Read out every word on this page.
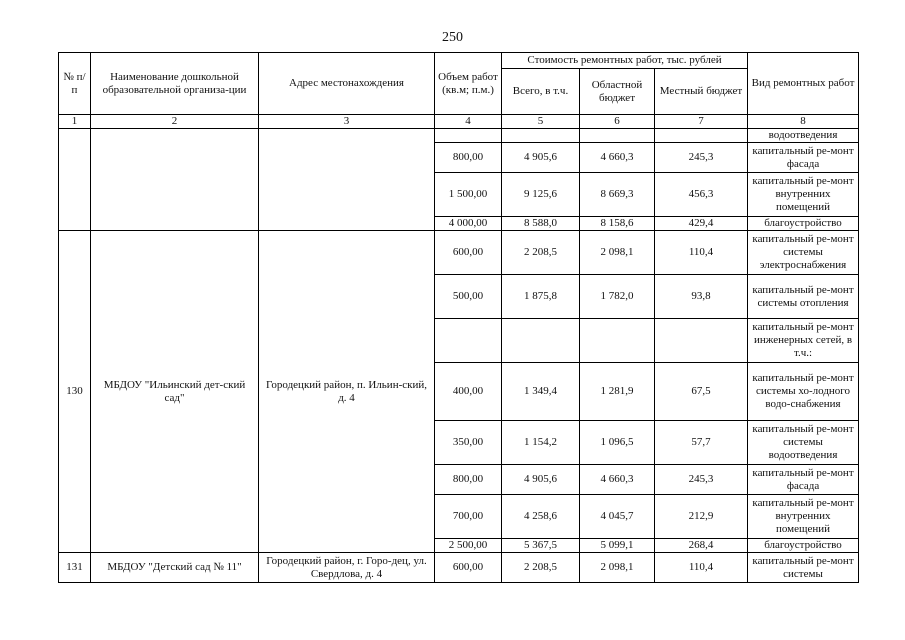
250
№ п/п	Наименование дошкольной образовательной организа-ции	Адрес местонахождения	Объем работ (кв.м; п.м.)	Стоимость ремонтных работ, тыс. рублей			Вид ремонтных работ
				Всего, в т.ч.	Областной бюджет	Местный бюджет	
1	2	3	4	5	6	7	8
							водоотведения
			800,00	4 905,6	4 660,3	245,3	капитальный ре-монт фасада
			1 500,00	9 125,6	8 669,3	456,3	капитальный ре-монт внутренних помещений
			4 000,00	8 588,0	8 158,6	429,4	благоустройство
130	МБДОУ "Ильинский дет-ский сад"	Городецкий район, п. Ильин-ский, д. 4	600,00	2 208,5	2 098,1	110,4	капитальный ре-монт системы электроснабжения
			500,00	1 875,8	1 782,0	93,8	капитальный ре-монт системы отопления
							капитальный ре-монт инженерных сетей, в т.ч.:
			400,00	1 349,4	1 281,9	67,5	капитальный ре-монт системы хо-лодного водо-снабжения
			350,00	1 154,2	1 096,5	57,7	капитальный ре-монт системы водоотведения
			800,00	4 905,6	4 660,3	245,3	капитальный ре-монт фасада
			700,00	4 258,6	4 045,7	212,9	капитальный ре-монт внутренних помещений
			2 500,00	5 367,5	5 099,1	268,4	благоустройство
131	МБДОУ "Детский сад № 11"	Городецкий район, г. Горо-дец, ул. Свердлова, д. 4	600,00	2 208,5	2 098,1	110,4	капитальный ре-монт системы
